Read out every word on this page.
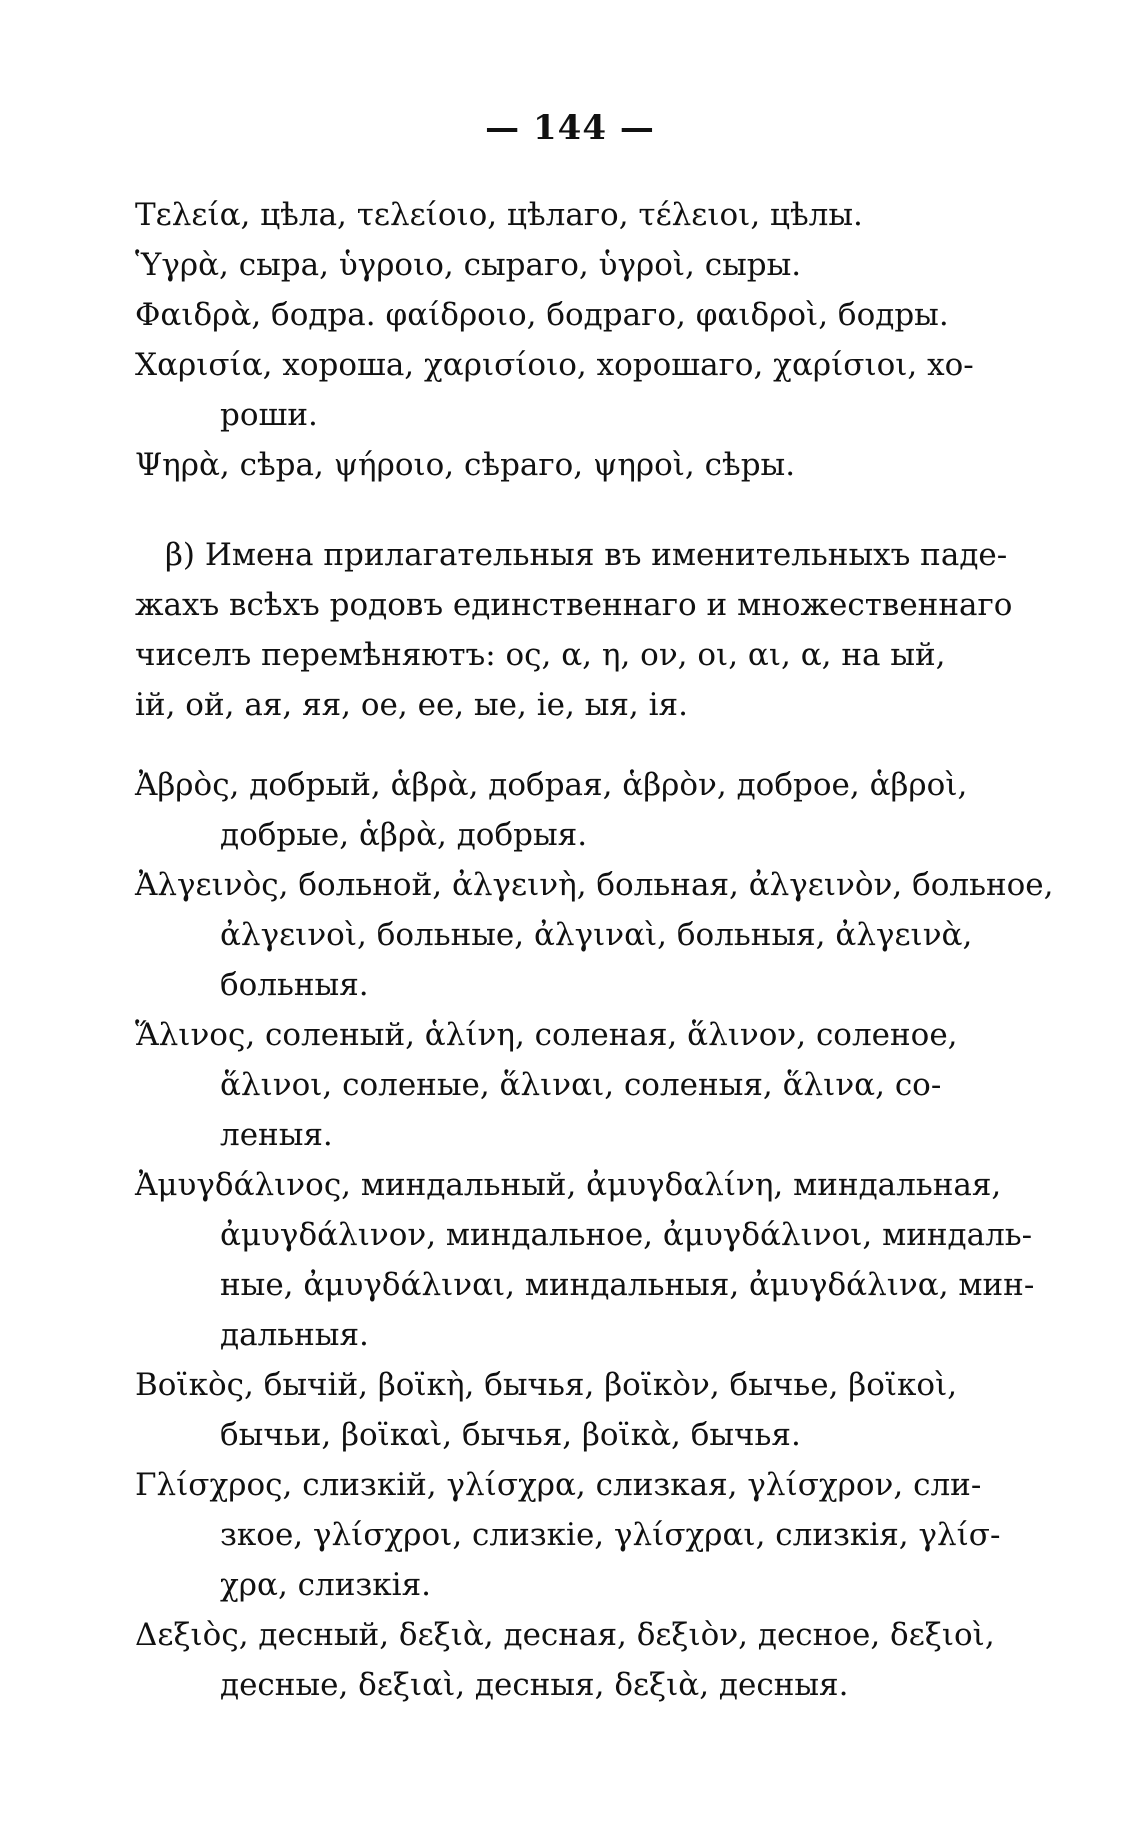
— 144 —
Τελεία, цѣла, τελείοιο, цѣлаго, τέλειοι, цѣлы.
Ὑγρὰ, сыра, ὑγροιο, сыраго, ὑγροὶ, сыры.
Φαιδρὰ, бодра. φαίδροιο, бодраго, φαιδροὶ, бодры.
Χαρισία, хороша, χαρισίοιο, хорошаго, χαρίσιοι, хо-
роши.
Ψηρὰ, сѣра, ψήροιο, сѣраго, ψηροὶ, сѣры.
β) Имена прилагательныя въ именительныхъ паде-
жахъ всѣхъ родовъ единственнаго и множественнаго
чиселъ перемѣняютъ: ος, α, η, ον, οι, αι, α, на ый,
ій, ой, ая, яя, ое, ее, ые, іе, ыя, ія.
Ἀβρὸς, добрый, ἁβρὰ, добрая, ἁβρὸν, доброе, ἁβροὶ,
добрые, ἁβρὰ, добрыя.
Ἀλγεινὸς, больной, ἀλγεινὴ, больная, ἀλγεινὸν, больное,
ἀλγεινοὶ, больные, ἀλγιναὶ, больныя, ἀλγεινὰ,
больныя.
Ἅλινος, соленый, ἁλίνη, соленая, ἅλινον, соленое,
ἅλινοι, соленые, ἅλιναι, соленыя, ἅλινα, со-
леныя.
Ἀμυγδάλινος, миндальный, ἀμυγδαλίνη, миндальная,
ἀμυγδάλινον, миндальное, ἀμυγδάλινοι, миндаль-
ные, ἀμυγδάλιναι, миндальныя, ἀμυγδάλινα, мин-
дальныя.
Βοϊκὸς, бычій, βοϊκὴ, бычья, βοϊκὸν, бычье, βοϊκοὶ,
бычьи, βοϊκαὶ, бычья, βοϊκὰ, бычья.
Γλίσχρος, слизкій, γλίσχρα, слизкая, γλίσχρον, сли-
зкое, γλίσχροι, слизкіе, γλίσχραι, слизкія, γλίσ-
χρα, слизкія.
Δεξιὸς, десный, δεξιὰ, десная, δεξιὸν, десное, δεξιοὶ,
десные, δεξιαὶ, десныя, δεξιὰ, десныя.
